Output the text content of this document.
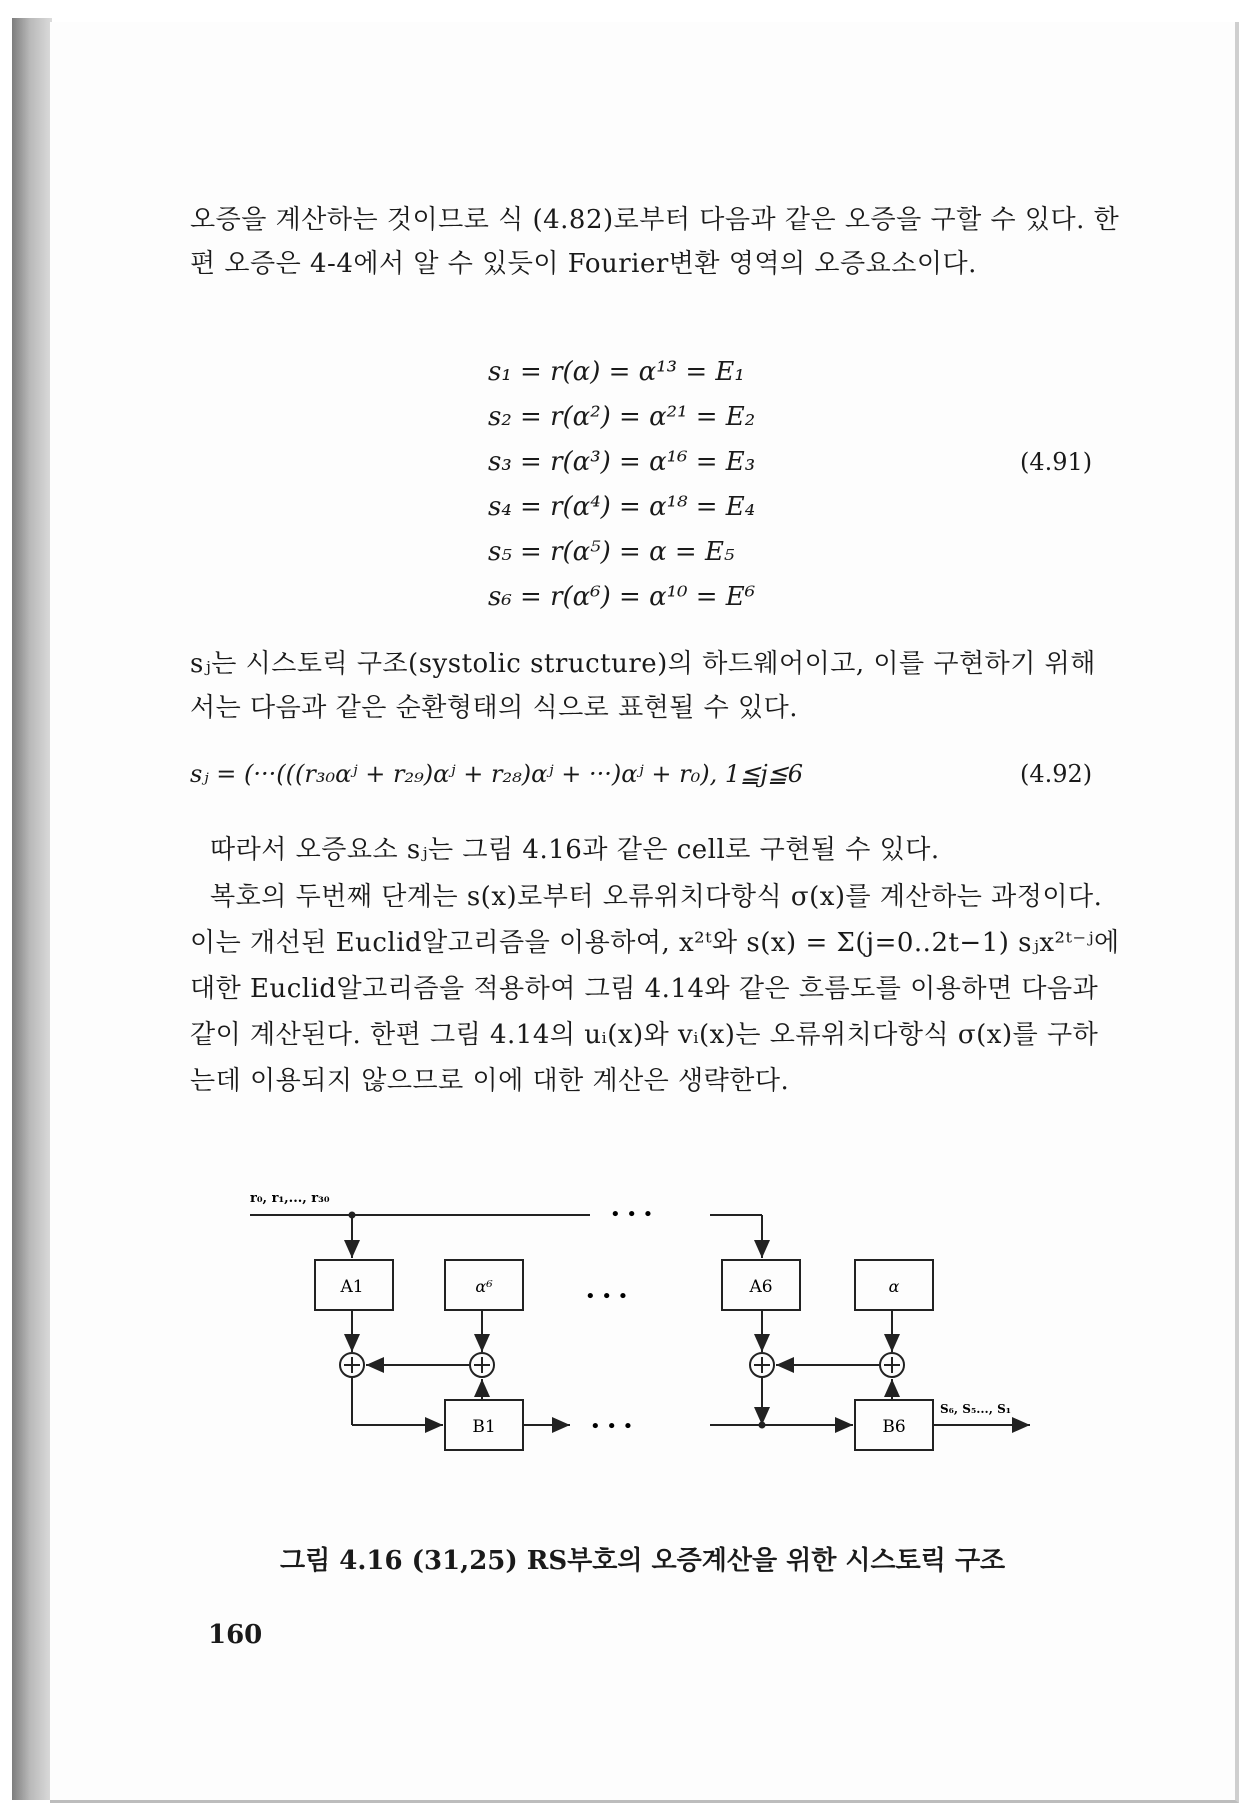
오증을 계산하는 것이므로 식 (4.82)로부터 다음과 같은 오증을 구할 수 있다. 한편 오증은 4-4에서 알 수 있듯이 Fourier변환 영역의 오증요소이다.
s₁ = r(α) = α¹³ = E₁
s₂ = r(α²) = α²¹ = E₂
s₃ = r(α³) = α¹⁶ = E₃
s₄ = r(α⁴) = α¹⁸ = E₄
s₅ = r(α⁵) = α = E₅
s₆ = r(α⁶) = α¹⁰ = E⁶
(4.91)
sⱼ는 시스토릭 구조(systolic structure)의 하드웨어이고, 이를 구현하기 위해서는 다음과 같은 순환형태의 식으로 표현될 수 있다.
sⱼ = (···(((r₃₀αʲ + r₂₉)αʲ + r₂₈)αʲ + ···)αʲ + r₀), 1≦j≦6	(4.92)
따라서 오증요소 sⱼ는 그림 4.16과 같은 cell로 구현될 수 있다.
복호의 두번째 단계는 s(x)로부터 오류위치다항식 σ(x)를 계산하는 과정이다. 이는 개선된 Euclid알고리즘을 이용하여, x²ᵗ와 s(x) = Σ(j=0..2t−1) sⱼx²ᵗ⁻ʲ에 대한 Euclid알고리즘을 적용하여 그림 4.14와 같은 흐름도를 이용하면 다음과 같이 계산된다. 한편 그림 4.14의 uᵢ(x)와 vᵢ(x)는 오류위치다항식 σ(x)를 구하는데 이용되지 않으므로 이에 대한 계산은 생략한다.
r₀, r₁,..., r₃₀
A1	α⁶	A6	α
B1	B6
S₆, S₅..., S₁
• • •
• • •
• • •
그림 4.16 (31,25) RS부호의 오증계산을 위한 시스토릭 구조
160
